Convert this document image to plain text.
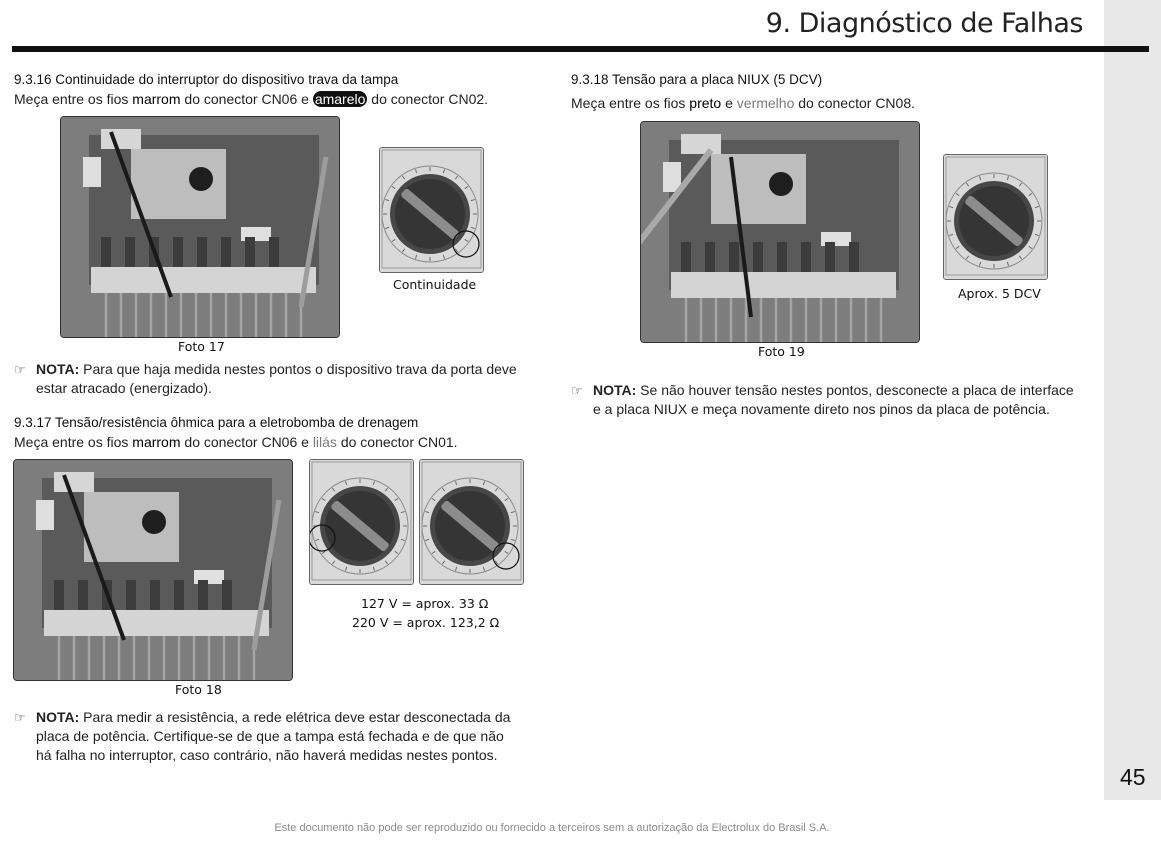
9. Diagnóstico de Falhas
9.3.16 Continuidade do interruptor do dispositivo trava da tampa
Meça entre os fios marrom do conector CN06 e amarelo do conector CN02.
Foto 17
Continuidade
☞ NOTA: Para que haja medida nestes pontos o dispositivo trava da porta deve
estar atracado (energizado).
9.3.17 Tensão/resistência ôhmica para a eletrobomba de drenagem
Meça entre os fios marrom do conector CN06 e lilás do conector CN01.
Foto 18
127 V = aprox. 33 Ω
220 V = aprox. 123,2 Ω
☞ NOTA: Para medir a resistência, a rede elétrica deve estar desconectada da
placa de potência. Certifique-se de que a tampa está fechada e de que não
há falha no interruptor, caso contrário, não haverá medidas nestes pontos.
9.3.18 Tensão para a placa NIUX (5 DCV)
Meça entre os fios preto e vermelho do conector CN08.
Foto 19
Aprox. 5 DCV
☞ NOTA: Se não houver tensão nestes pontos, desconecte a placa de interface
e a placa NIUX e meça novamente direto nos pinos da placa de potência.
45
Este documento não pode ser reproduzido ou fornecido a terceiros sem a autorização da Electrolux do Brasil S.A.
